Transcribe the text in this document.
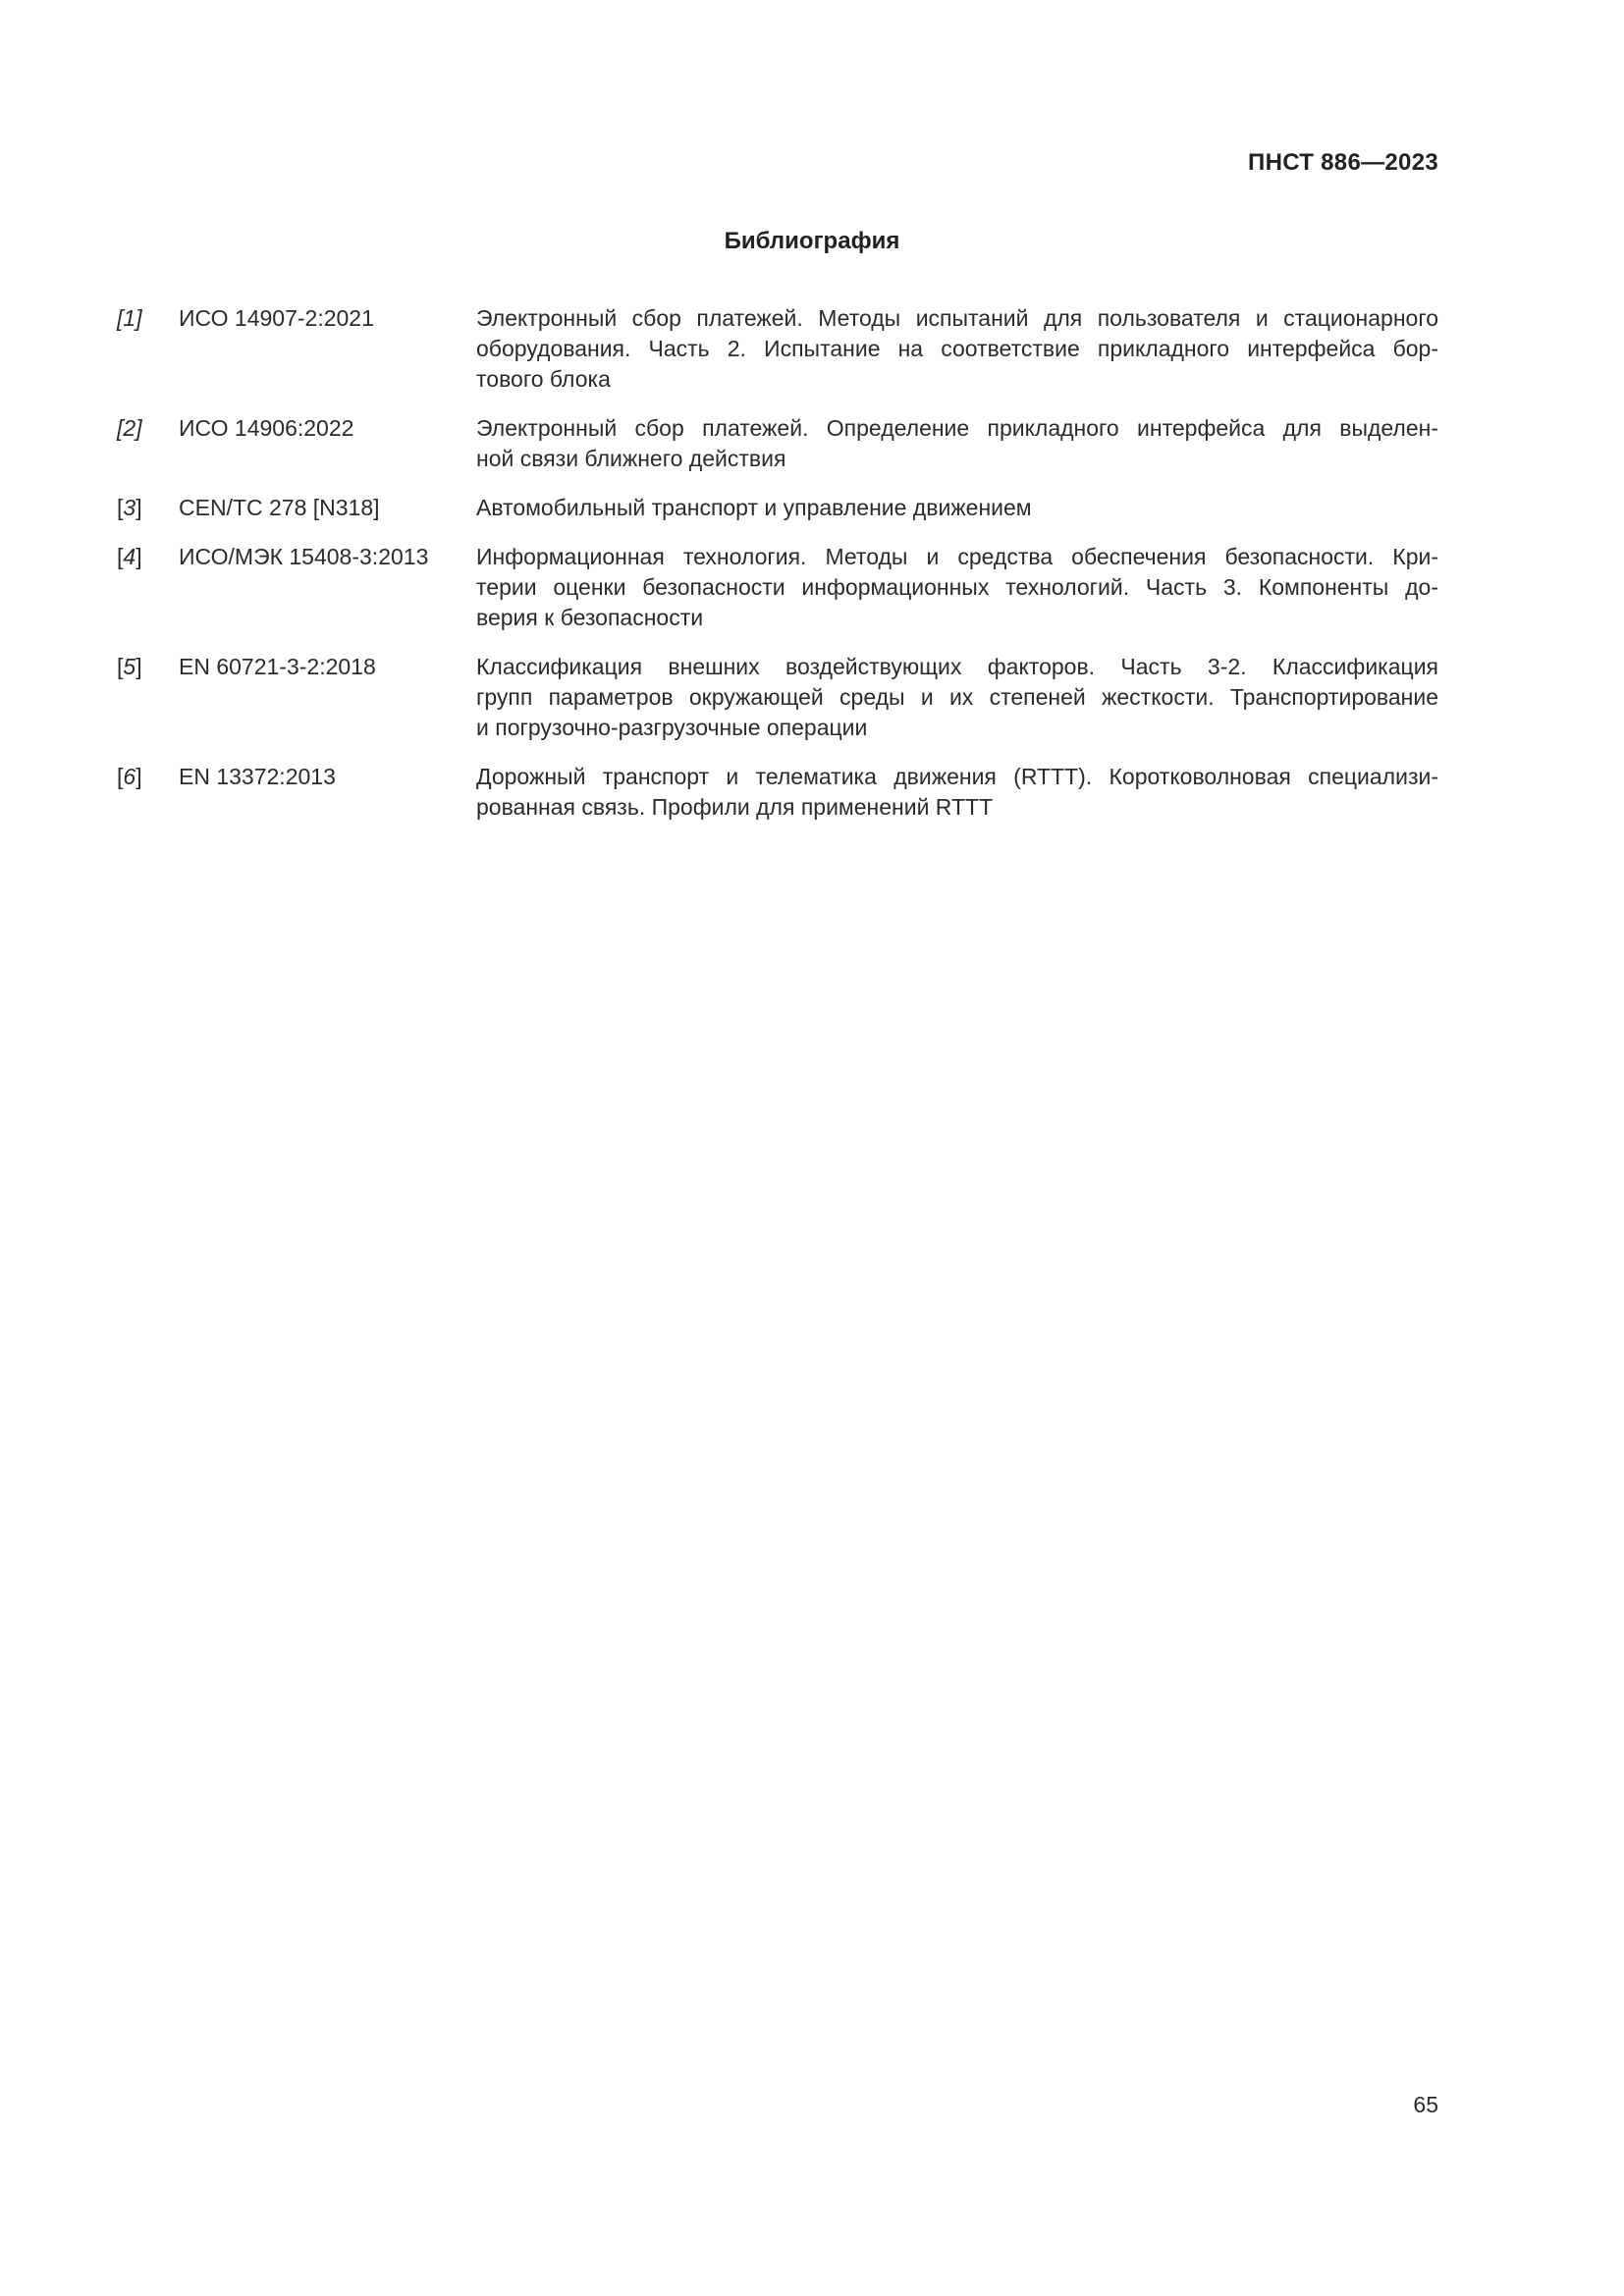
ПНСТ 886—2023
Библиография
[1]	ИСО 14907-2:2021	Электронный сбор платежей. Методы испытаний для пользователя и стационарного
оборудования. Часть 2. Испытание на соответствие прикладного интерфейса бор-
тового блока
[2]	ИСО 14906:2022	Электронный сбор платежей. Определение прикладного интерфейса для выделен-
ной связи ближнего действия
[3]	CEN/TC 278 [N318]	Автомобильный транспорт и управление движением
[4]	ИСО/МЭК 15408-3:2013	Информационная технология. Методы и средства обеспечения безопасности. Кри-
терии оценки безопасности информационных технологий. Часть 3. Компоненты до-
верия к безопасности
[5]	EN 60721-3-2:2018	Классификация внешних воздействующих факторов. Часть 3-2. Классификация
групп параметров окружающей среды и их степеней жесткости. Транспортирование
и погрузочно-разгрузочные операции
[6]	EN 13372:2013	Дорожный транспорт и телематика движения (RTTT). Коротковолновая специализи-
рованная связь. Профили для применений RTTT
65
